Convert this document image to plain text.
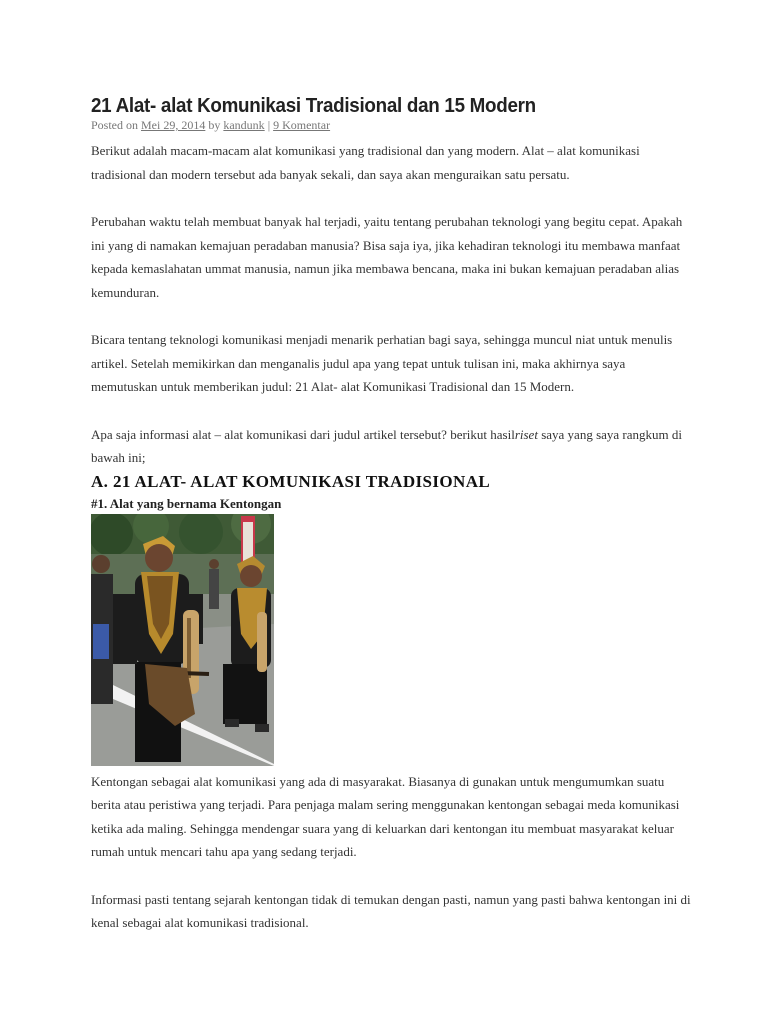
21 Alat- alat Komunikasi Tradisional dan 15 Modern
Posted on Mei 29, 2014 by kandunk | 9 Komentar

Berikut adalah macam-macam alat komunikasi yang tradisional dan yang modern. Alat – alat komunikasi tradisional dan modern tersebut ada banyak sekali, dan saya akan menguraikan satu persatu.

Perubahan waktu telah membuat banyak hal terjadi, yaitu tentang perubahan teknologi yang begitu cepat. Apakah ini yang di namakan kemajuan peradaban manusia? Bisa saja iya, jika kehadiran teknologi itu membawa manfaat kepada kemaslahatan ummat manusia, namun jika membawa bencana, maka ini bukan kemajuan peradaban alias kemunduran.

Bicara tentang teknologi komunikasi menjadi menarik perhatian bagi saya, sehingga muncul niat untuk menulis artikel. Setelah memikirkan dan menganalis judul apa yang tepat untuk tulisan ini, maka akhirnya saya memutuskan untuk memberikan judul: 21 Alat- alat Komunikasi Tradisional dan 15 Modern.

Apa saja informasi alat – alat komunikasi dari judul artikel tersebut? berikut hasilriset saya yang saya rangkum di bawah ini;

A. 21 ALAT- ALAT KOMUNIKASI TRADISIONAL
#1. Alat yang bernama Kentongan

Kentongan sebagai alat komunikasi yang ada di masyarakat. Biasanya di gunakan untuk mengumumkan suatu berita atau peristiwa yang terjadi. Para penjaga malam sering menggunakan kentongan sebagai meda komunikasi ketika ada maling. Sehingga mendengar suara yang di keluarkan dari kentongan itu membuat masyarakat keluar rumah untuk mencari tahu apa yang sedang terjadi.

Informasi pasti tentang sejarah kentongan tidak di temukan dengan pasti, namun yang pasti bahwa kentongan ini di kenal sebagai alat komunikasi tradisional.
